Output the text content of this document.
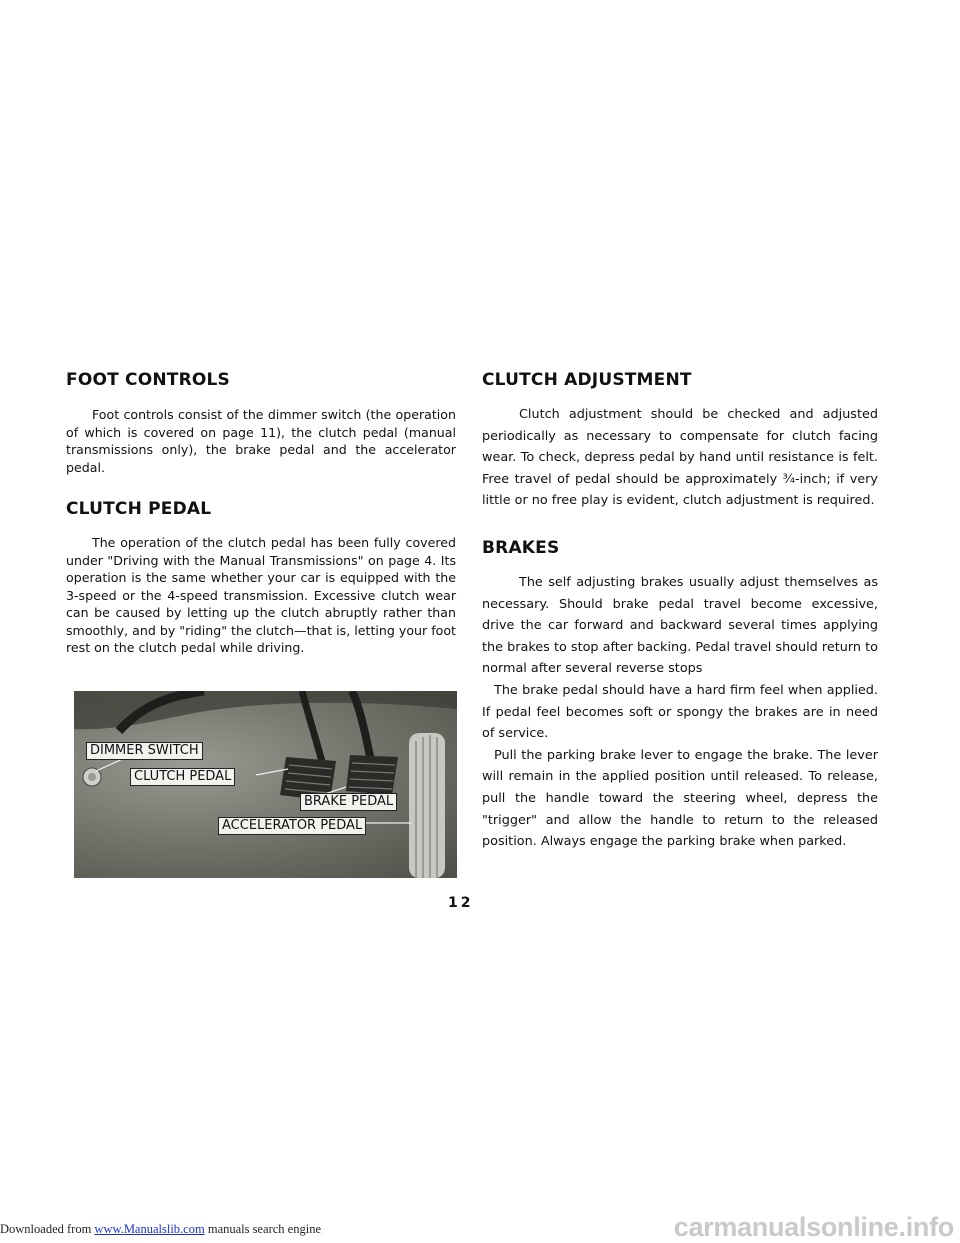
FOOT CONTROLS

Foot controls consist of the dimmer switch (the operation of which is covered on page 11), the clutch pedal (manual transmissions only), the brake pedal and the accelerator pedal.

CLUTCH PEDAL

The operation of the clutch pedal has been fully covered under "Driving with the Manual Transmissions" on page 4. Its operation is the same whether your car is equipped with the 3-speed or the 4-speed transmission. Excessive clutch wear can be caused by letting up the clutch abruptly rather than smoothly, and by "riding" the clutch—that is, letting your foot rest on the clutch pedal while driving.

DIMMER SWITCH
CLUTCH PEDAL
BRAKE PEDAL
ACCELERATOR PEDAL
CLUTCH ADJUSTMENT

Clutch adjustment should be checked and adjusted periodically as necessary to compensate for clutch facing wear. To check, depress pedal by hand until resistance is felt. Free travel of pedal should be approximately ¾-inch; if very little or no free play is evident, clutch adjustment is required.

BRAKES

The self adjusting brakes usually adjust themselves as necessary. Should brake pedal travel become excessive, drive the car forward and backward several times applying the brakes to stop after backing. Pedal travel should return to normal after several reverse stops

The brake pedal should have a hard firm feel when applied. If pedal feel becomes soft or spongy the brakes are in need of service.

Pull the parking brake lever to engage the brake. The lever will remain in the applied position until released. To release, pull the handle toward the steering wheel, depress the "trigger" and allow the handle to return to the released position. Always engage the parking brake when parked.

12
Downloaded from www.Manualslib.com manuals search engine	carmanualsonline.info
